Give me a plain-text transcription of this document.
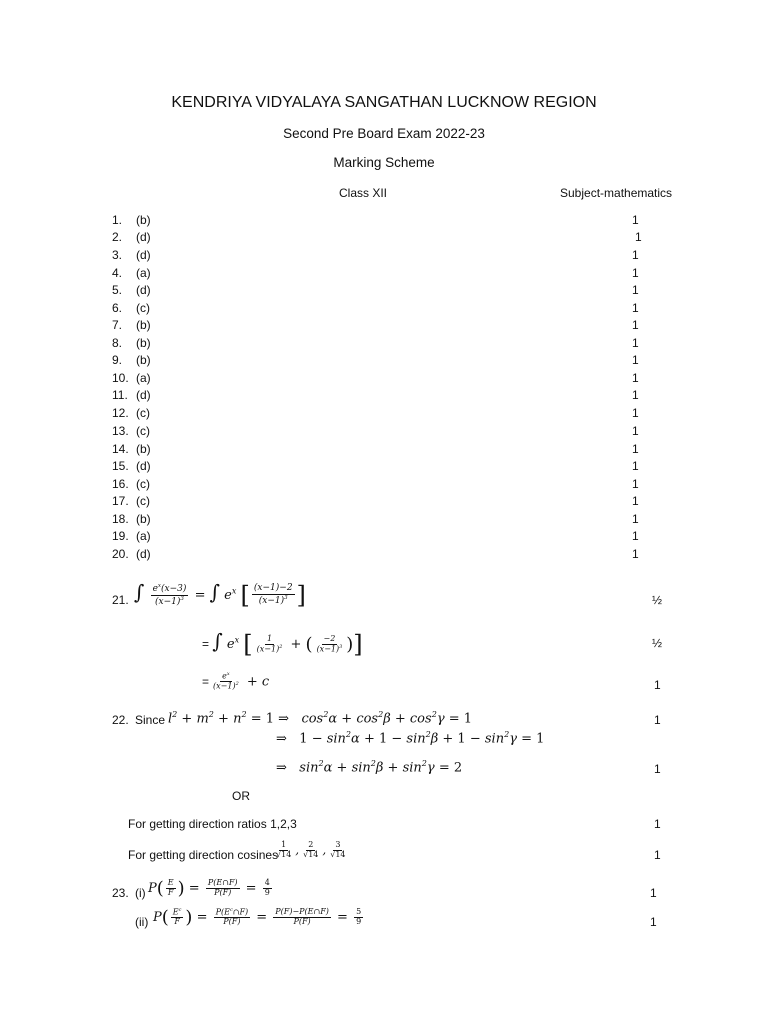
KENDRIYA VIDYALAYA SANGATHAN LUCKNOW REGION
Second Pre Board Exam 2022-23
Marking Scheme
Class XII	Subject-mathematics
1.	(b)	1
2.	(d)	1
3.	(d)	1
4.	(a)	1
5.	(d)	1
6.	(c)	1
7.	(b)	1
8.	(b)	1
9.	(b)	1
10. (a)	1
11. (d)	1
12. (c)	1
13. (c)	1
14. (b)	1
15. (d)	1
16. (c)	1
17. (c)	1
18. (b)	1
19. (a)	1
20. (d)	1
21. ∫ $\frac{e^x(x-3)}{(x-1)^3}$ = ∫ $e^x$ [ $\frac{(x-1)-2}{(x-1)^3}$ ]	½
= ∫ $e^x$ [ $\frac{1}{(x-1)^2}$ + ( $\frac{-2}{(x-1)^3}$ )]	½
= $\frac{e^x}{(x-1)^2} + c$	1
22. Since $l^2 + m^2 + n^2 = 1$ ⇒   $\cos^2\alpha + \cos^2\beta + \cos^2\gamma = 1$	1
⇒   $1 - \sin^2\alpha + 1 - \sin^2\beta + 1 - \sin^2\gamma = 1$
⇒   $\sin^2\alpha + \sin^2\beta + \sin^2\gamma = 2$	1
OR
For getting direction ratios 1,2,3	1
For getting direction cosines
$\frac{1}{√14}$ , $\frac{2}{√14}$ , $\frac{3}{√14}$	1
23. (i) $P( \frac{E}{F}$ ) = $\frac{P(E\cap F)}{P(F)} = \frac{4}{9}$	1
(ii) $P( \frac{E^c}{F}$ ) = $\frac{P(E^c\cap F)}{P(F)} = \frac{P(F)-P(E\cap F)}{P(F)} = \frac{5}{9}$	1
